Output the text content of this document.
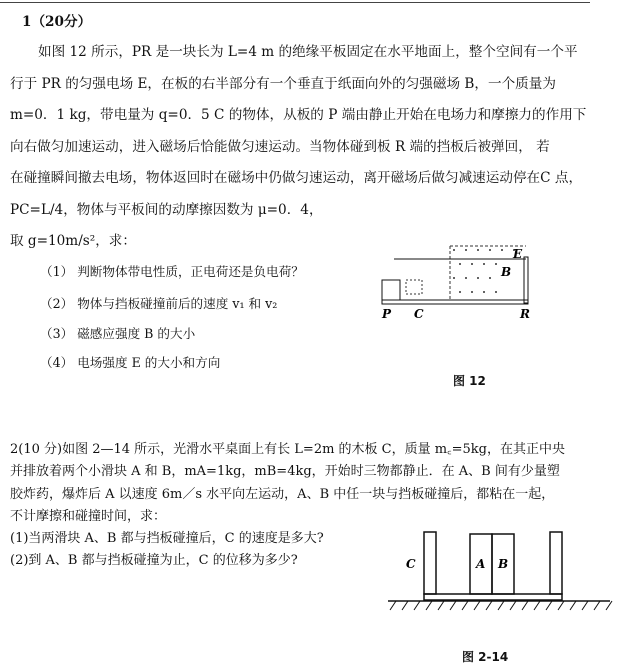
1（20分）
如图 12 所示，PR 是一块长为 L=4 m 的绝缘平板固定在水平地面上，整个空间有一个平
行于 PR 的匀强电场 E，在板的右半部分有一个垂直于纸面向外的匀强磁场 B，一个质量为
m=0．1 kg，带电量为 q=0．5 C 的物体，从板的 P 端由静止开始在电场力和摩擦力的作用下
向右做匀加速运动，进入磁场后恰能做匀速运动。当物体碰到板 R 端的挡板后被弹回， 若
在碰撞瞬间撤去电场，物体返回时在磁场中仍做匀速运动，离开磁场后做匀减速运动停在C 点，
PC=L/4，物体与平板间的动摩擦因数为 μ=0．4，
取 g=10m/s²，求：
（1） 判断物体带电性质，正电荷还是负电荷？
（2） 物体与挡板碰撞前后的速度 v₁ 和 v₂
（3） 磁感应强度 B 的大小
（4） 电场强度 E 的大小和方向
E
B
P C	R
图 12
2(10 分)如图 2—14 所示，光滑水平桌面上有长 L=2m 的木板 C，质量 m꜀=5kg，在其正中央
并排放着两个小滑块 A 和 B，mA=1kg，mB=4kg，开始时三物都静止．在 A、B 间有少量塑
胶炸药，爆炸后 A 以速度 6m／s 水平向左运动，A、B 中任一块与挡板碰撞后，都粘在一起，
不计摩擦和碰撞时间，求：
(1)当两滑块 A、B 都与挡板碰撞后，C 的速度是多大?
(2)到 A、B 都与挡板碰撞为止，C 的位移为多少?	C	A B
图 2-14
